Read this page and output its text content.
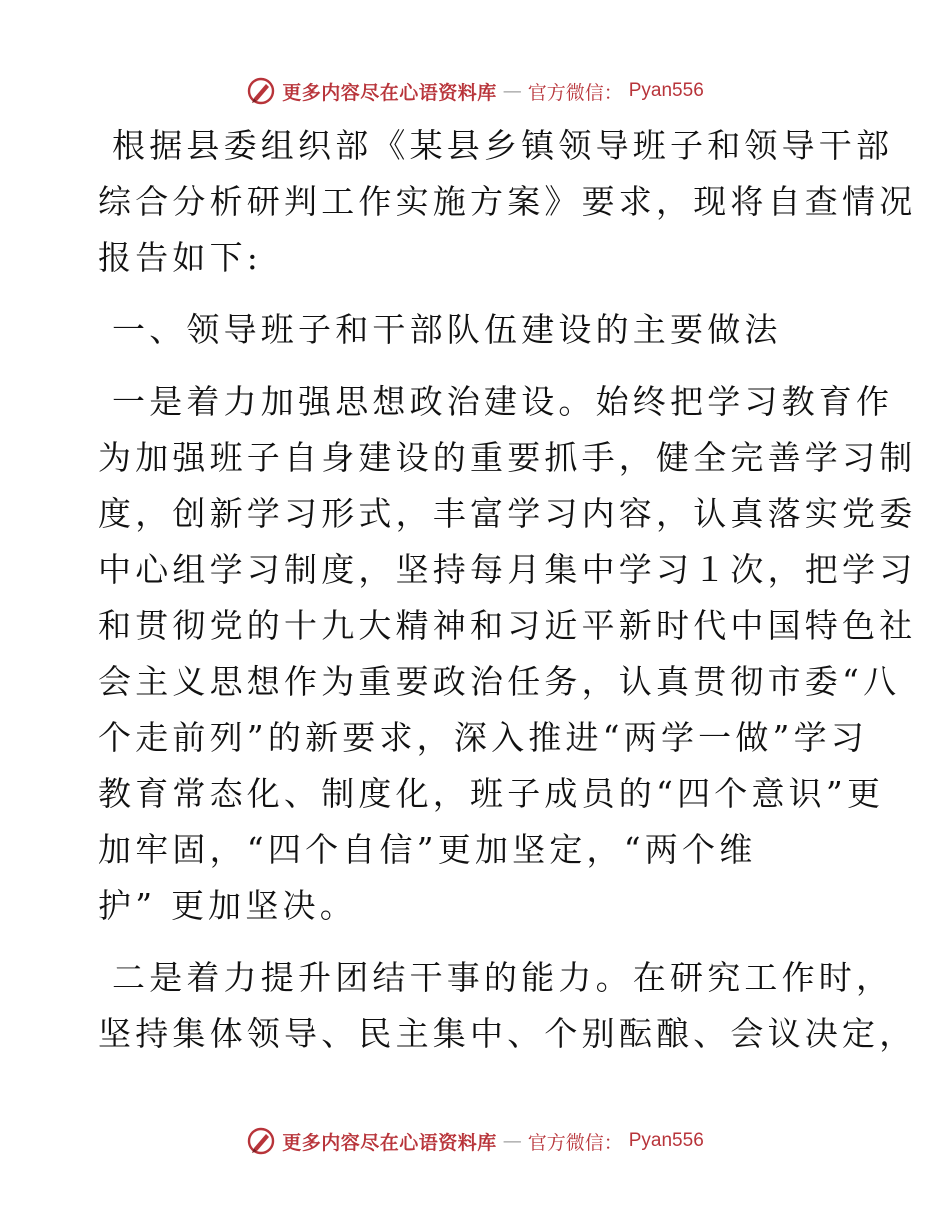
更多内容尽在心语资料库 — 官方微信： Pyan556
根据县委组织部《某县乡镇领导班子和领导干部
综合分析研判工作实施方案》要求，现将自查情况
报告如下:
一、领导班子和干部队伍建设的主要做法
一是着力加强思想政治建设。始终把学习教育作
为加强班子自身建设的重要抓手，健全完善学习制
度，创新学习形式，丰富学习内容，认真落实党委
中心组学习制度，坚持每月集中学习１次，把学习
和贯彻党的十九大精神和习近平新时代中国特色社
会主义思想作为重要政治任务，认真贯彻市委“八
个走前列”的新要求，深入推进“两学一做”学习
教育常态化、制度化，班子成员的“四个意识”更
加牢固，“四个自信”更加坚定，“两个维
护” 更加坚决。
二是着力提升团结干事的能力。在研究工作时，
坚持集体领导、民主集中、个别酝酿、会议决定，
更多内容尽在心语资料库 — 官方微信： Pyan556
